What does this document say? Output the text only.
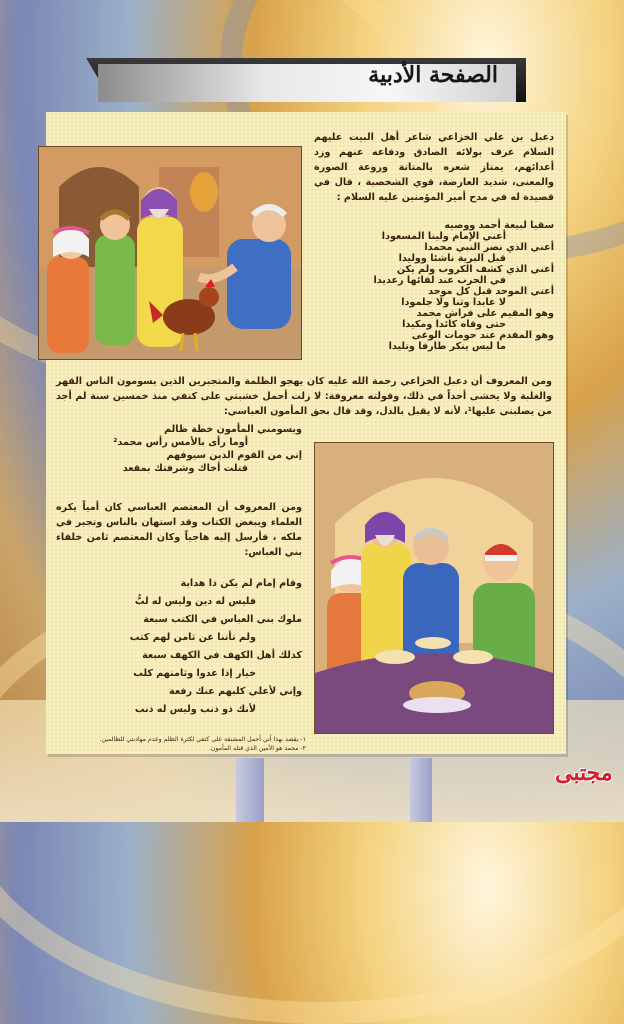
الصفحة الأدبية

دعبل بن علي الخزاعي شاعر أهل البيت عليهم السلام عرف بولائه الصادق ودفاعه عنهم وزد أعدائهم، يمتاز شعره بالمتانة وروعة الصورة والمعنى، شديد العارضة، قوي الشخصية ، قال في قصيدة له في مدح أمير المؤمنين عليه السلام :

سقيا لبيعة أحمد ووصيه
أعني الإمام ولينا المسعودا
أعني الذي نصر النبي محمدا
قبل البرية ناشئا ووليدا
أعني الذي كشف الكروب ولم يكن
في الحرب عند لقائها رعديدا
أعني الموحد قبل كل موحد
لا عابدا وثنا ولا جلمودا
وهو المقيم على فراش محمد
حتى وقاه كائدا ومكيدا
وهو المقدم عند حومات الوغى
ما ليس ينكر طارفا وتليدا

ومن المعروف أن دعبل الخزاعي رحمة الله عليه كان يهجو الظلمة والمتجبرين الذين يسومون الناس القهر والغلبة ولا يخشى أحداً في ذلك، وقولته معروفة: لا زلت أحمل خشبتي على كتفي منذ خمسين سنة لم أجد من يصلبني عليها¹، لأنه لا يقبل بالذل، وقد قال بحق المأمون العباسي:

ويسومني المأمون خطة ظالم
أوما رأى بالأمس رأس محمد²
إني من القوم الذين سيوفهم
قتلت أخاك وشرفتك بمقعد

ومن المعروف أن المعتصم العباسي كان أمياً يكره العلماء ويبغض الكتاب وقد استهان بالناس وتجبر في ملكه ، فأرسل إليه هاجياً وكان المعتصم ثامن خلفاء بني العباس:

وقام إمام لم يكن ذا هداية
فليس له دين وليس له لبُّ
ملوك بني العباس في الكتب سبعة
ولم تأتنا عن ثامن لهم كتب
كذلك أهل الكهف في الكهف سبعة
خيار إذا عدوا وثامنهم كلب
وإني لأعلي كلبهم عنك رفعة
لأنك ذو ذنب وليس له ذنب
١- يقصد بهذا أني أحمل المشنقة على كتفي لكثرة الظلم وعدم مهادنتي للظالمين.
٢- محمد هو الأمين الذي قتله المأمون.
مجتبى
